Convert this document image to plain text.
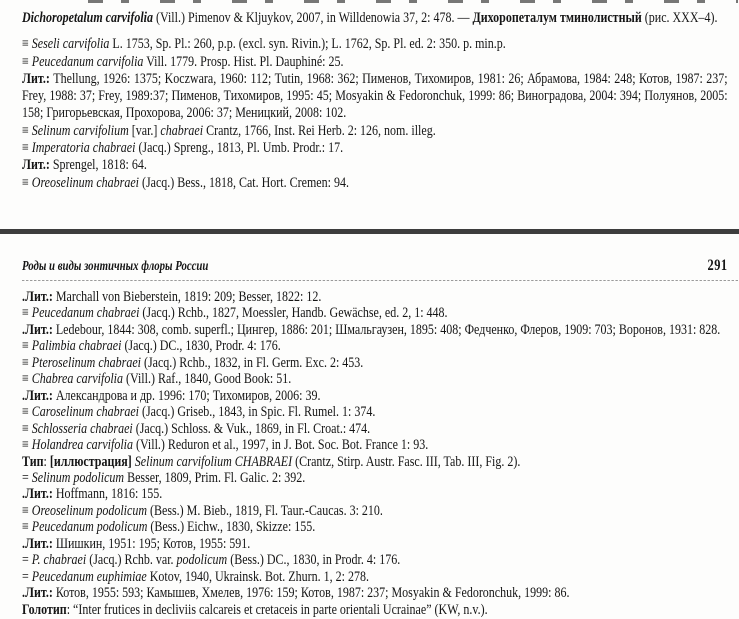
Dichoropetalum carvifolia (Vill.) Pimenov & Kljuykov, 2007, in Willdenowia 37, 2: 478. — Дихоропеталум тминолистный (рис. XXX–4).

≡ Seseli carvifolia L. 1753, Sp. Pl.: 260, p.p. (excl. syn. Rivin.); L. 1762, Sp. Pl. ed. 2: 350. p. min.p.

≡ Peucedanum carvifolia Vill. 1779. Prosp. Hist. Pl. Dauphiné: 25.

Лит.: Thellung, 1926: 1375; Koczwara, 1960: 112; Tutin, 1968: 362; Пименов, Тихомиров, 1981: 26; Абрамова, 1984: 248; Котов, 1987: 237; Frey, 1988: 37; Frey, 1989:37; Пименов, Тихомиров, 1995: 45; Mosyakin & Fedoronchuk, 1999: 86; Виноградова, 2004: 394; Полуянов, 2005: 158; Григорьевская, Прохорова, 2006: 37; Меницкий, 2008: 102.

≡ Selinum carvifolium [var.] chabraei Crantz, 1766, Inst. Rei Herb. 2: 126, nom. illeg.

≡ Imperatoria chabraei (Jacq.) Spreng., 1813, Pl. Umb. Prodr.: 17.

Лит.: Sprengel, 1818: 64.

≡ Oreoselinum chabraei (Jacq.) Bess., 1818, Cat. Hort. Cremen: 94.

Роды и виды зонтичных флоры России	291

.Лит.: Marchall von Bieberstein, 1819: 209; Besser, 1822: 12.

≡ Peucedanum chabraei (Jacq.) Rchb., 1827, Moessler, Handb. Gewächse, ed. 2, 1: 448.

.Лит.: Ledebour, 1844: 308, comb. superfl.; Цингер, 1886: 201; Шмальгаузен, 1895: 408; Федченко, Флеров, 1909: 703; Воронов, 1931: 828.

≡ Palimbia chabraei (Jacq.) DC., 1830, Prodr. 4: 176.

≡ Pteroselinum chabraei (Jacq.) Rchb., 1832, in Fl. Germ. Exc. 2: 453.

≡ Chabrea carvifolia (Vill.) Raf., 1840, Good Book: 51.

.Лит.: Александрова и др. 1996: 170; Тихомиров, 2006: 39.

≡ Caroselinum chabraei (Jacq.) Griseb., 1843, in Spic. Fl. Rumel. 1: 374.

≡ Schlosseria chabraei (Jacq.) Schloss. & Vuk., 1869, in Fl. Croat.: 474.

≡ Holandrea carvifolia (Vill.) Reduron et al., 1997, in J. Bot. Soc. Bot. France 1: 93.

Тип: [иллюстрация] Selinum carvifolium CHABRAEI (Crantz, Stirp. Austr. Fasc. III, Tab. III, Fig. 2).

= Selinum podolicum Besser, 1809, Prim. Fl. Galic. 2: 392.

.Лит.: Hoffmann, 1816: 155.

≡ Oreoselinum podolicum (Bess.) M. Bieb., 1819, Fl. Taur.-Caucas. 3: 210.

≡ Peucedanum podolicum (Bess.) Eichw., 1830, Skizze: 155.

.Лит.: Шишкин, 1951: 195; Котов, 1955: 591.

= P. chabraei (Jacq.) Rchb. var. podolicum (Bess.) DC., 1830, in Prodr. 4: 176.

= Peucedanum euphimiae Kotov, 1940, Ukrainsk. Bot. Zhurn. 1, 2: 278.

.Лит.: Котов, 1955: 593; Камышев, Хмелев, 1976: 159; Котов, 1987: 237; Mosyakin & Fedoronchuk, 1999: 86.

Голотип: “Inter frutices in decliviis calcareis et cretaceis in parte orientali Ucrainae” (KW, n.v.).
